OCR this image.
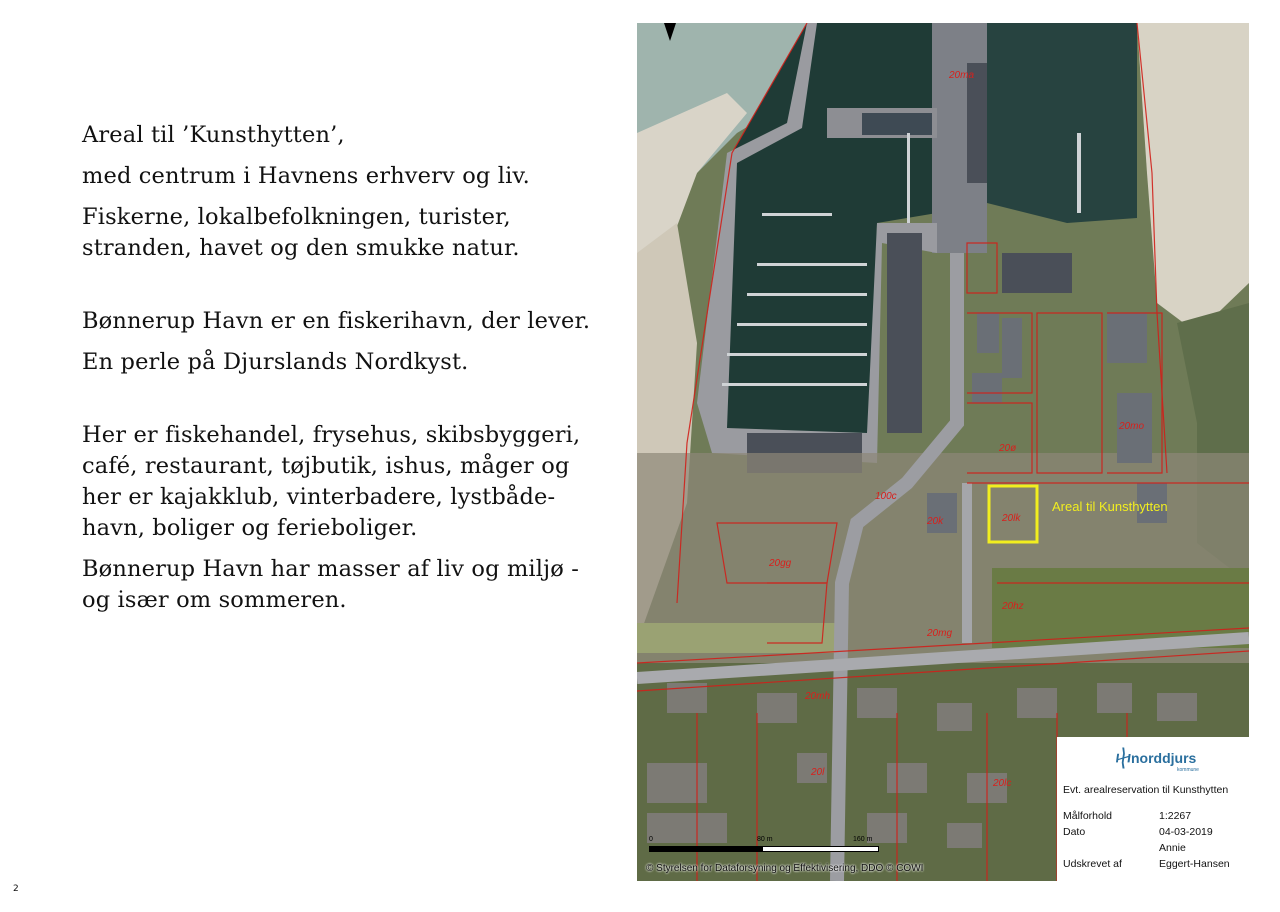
Areal til ’Kunsthytten’,

med centrum i Havnens erhverv og liv.

Fiskerne, lokalbefolkningen, turister, stranden, havet og den smukke natur.

Bønnerup Havn er en fiskerihavn, der lever.

En perle på Djurslands Nordkyst.

Her er fiskehandel, frysehus, skibsbyggeri, café, restaurant, tøjbutik, ishus, måger og her er kajakklub, vinterbadere, lystbåde-havn, boliger og ferieboliger.

Bønnerup Havn har masser af liv og miljø - og især om sommeren.

2
20ma
20lk
20ø
20mo
20gg
20k
20mg
100c
20l
20hz
20lc
20mh
Areal til Kunsthytten
0	80 m	160 m
© Styrelsen for Dataforsyning og Effektivisering, DDO © COWI
ⴕ norddjurs
kommune
Evt. arealreservation til Kunsthytten
Målforhold	1:2267
Dato	04-03-2019
Annie
Udskrevet af	Eggert-Hansen
